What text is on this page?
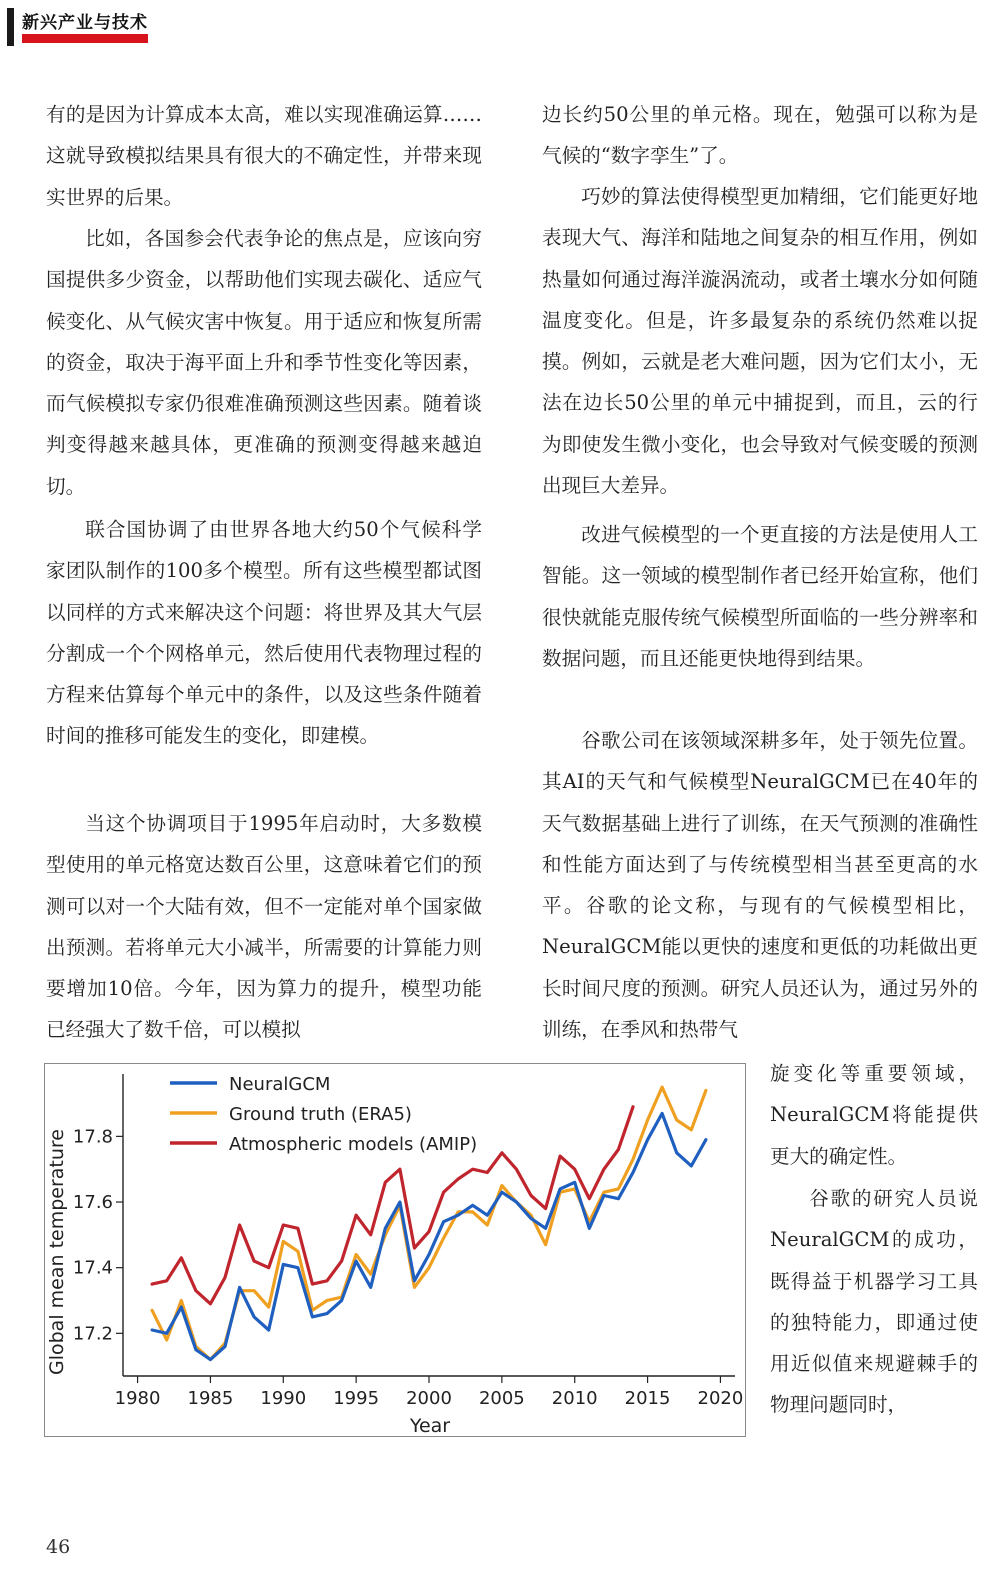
新兴产业与技术

有的是因为计算成本太高，难以实现准确运算……这就导致模拟结果具有很大的不确定性，并带来现实世界的后果。

比如，各国参会代表争论的焦点是，应该向穷国提供多少资金，以帮助他们实现去碳化、适应气候变化、从气候灾害中恢复。用于适应和恢复所需的资金，取决于海平面上升和季节性变化等因素，而气候模拟专家仍很难准确预测这些因素。随着谈判变得越来越具体，更准确的预测变得越来越迫切。

联合国协调了由世界各地大约50个气候科学家团队制作的100多个模型。所有这些模型都试图以同样的方式来解决这个问题：将世界及其大气层分割成一个个网格单元，然后使用代表物理过程的方程来估算每个单元中的条件，以及这些条件随着时间的推移可能发生的变化，即建模。

当这个协调项目于1995年启动时，大多数模型使用的单元格宽达数百公里，这意味着它们的预测可以对一个大陆有效，但不一定能对单个国家做出预测。若将单元大小减半，所需要的计算能力则要增加10倍。今年，因为算力的提升，模型功能已经强大了数千倍，可以模拟

边长约50公里的单元格。现在，勉强可以称为是气候的“数字孪生”了。

巧妙的算法使得模型更加精细，它们能更好地表现大气、海洋和陆地之间复杂的相互作用，例如热量如何通过海洋漩涡流动，或者土壤水分如何随温度变化。但是，许多最复杂的系统仍然难以捉摸。例如，云就是老大难问题，因为它们太小，无法在边长50公里的单元中捕捉到，而且，云的行为即使发生微小变化，也会导致对气候变暖的预测出现巨大差异。

改进气候模型的一个更直接的方法是使用人工智能。这一领域的模型制作者已经开始宣称，他们很快就能克服传统气候模型所面临的一些分辨率和数据问题，而且还能更快地得到结果。

谷歌公司在该领域深耕多年，处于领先位置。其AI的天气和气候模型NeuralGCM已在40年的天气数据基础上进行了训练，在天气预测的准确性和性能方面达到了与传统模型相当甚至更高的水平。谷歌的论文称，与现有的气候模型相比，NeuralGCM能以更快的速度和更低的功耗做出更长时间尺度的预测。研究人员还认为，通过另外的训练，在季风和热带气

旋变化等重要领域，NeuralGCM将能提供更大的确定性。

谷歌的研究人员说NeuralGCM的成功，既得益于机器学习工具的独特能力，即通过使用近似值来规避棘手的物理问题同时，

1980 1985 1990 1995 2000 2005 2010 2015 2020
17.2
17.4
17.6
17.8
NeuralGCM
Ground truth (ERA5)
Atmospheric models (AMIP)
Year
Global mean temperature
46
